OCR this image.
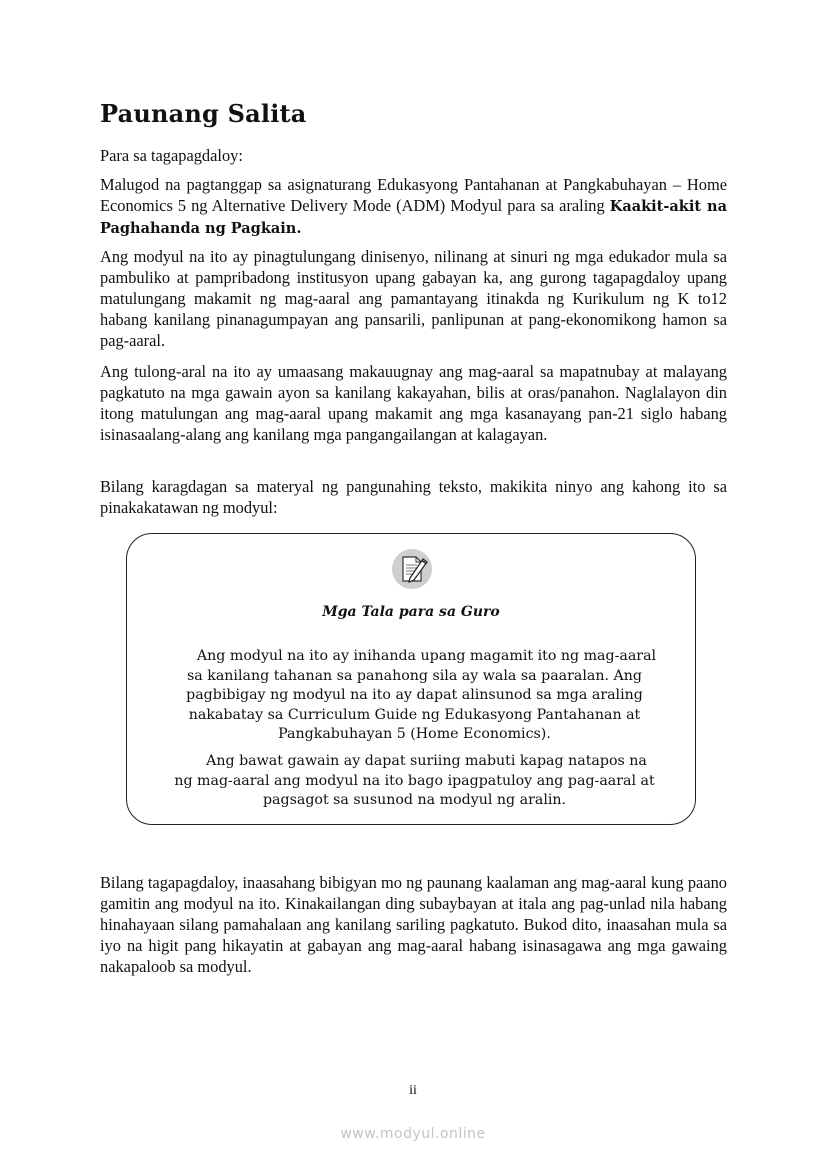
Paunang Salita

Para sa tagapagdaloy:

Malugod na pagtanggap sa asignaturang Edukasyong Pantahanan at Pangkabuhayan – Home Economics 5 ng Alternative Delivery Mode (ADM) Modyul para sa araling Kaakit-akit na Paghahanda ng Pagkain.

Ang modyul na ito ay pinagtulungang dinisenyo, nilinang at sinuri ng mga edukador mula sa pambuliko at pampribadong institusyon upang gabayan ka, ang gurong tagapagdaloy upang matulungang makamit ng mag-aaral ang pamantayang itinakda ng Kurikulum ng K to12 habang kanilang pinanagumpayan ang pansarili, panlipunan at pang-ekonomikong hamon sa pag-aaral.

Ang tulong-aral na ito ay umaasang makauugnay ang mag-aaral sa mapatnubay at malayang pagkatuto na mga gawain ayon sa kanilang kakayahan, bilis at oras/panahon. Naglalayon din itong matulungan ang mag-aaral upang makamit ang mga kasanayang pan-21 siglo habang isinasaalang-alang ang kanilang mga pangangailangan at kalagayan.

Bilang karagdagan sa materyal ng pangunahing teksto, makikita ninyo ang kahong ito sa pinakakatawan ng modyul:

Bilang tagapagdaloy, inaasahang bibigyan mo ng paunang kaalaman ang mag-aaral kung paano gamitin ang modyul na ito. Kinakailangan ding subaybayan at itala ang pag-unlad nila habang hinahayaan silang pamahalaan ang kanilang sariling pagkatuto. Bukod dito, inaasahan mula sa iyo na higit pang hikayatin at gabayan ang mag-aaral habang isinasagawa ang mga gawaing nakapaloob sa modyul.

Mga Tala para sa Guro

Ang modyul na ito ay inihanda upang magamit ito ng mag-aaral sa kanilang tahanan sa panahong sila ay wala sa paaralan. Ang pagbibigay ng modyul na ito ay dapat alinsunod sa mga araling nakabatay sa Curriculum Guide ng Edukasyong Pantahanan at Pangkabuhayan 5 (Home Economics).

Ang bawat gawain ay dapat suriing mabuti kapag natapos na ng mag-aaral ang modyul na ito bago ipagpatuloy ang pag-aaral at pagsagot sa susunod na modyul ng aralin.

ii
www.modyul.online
